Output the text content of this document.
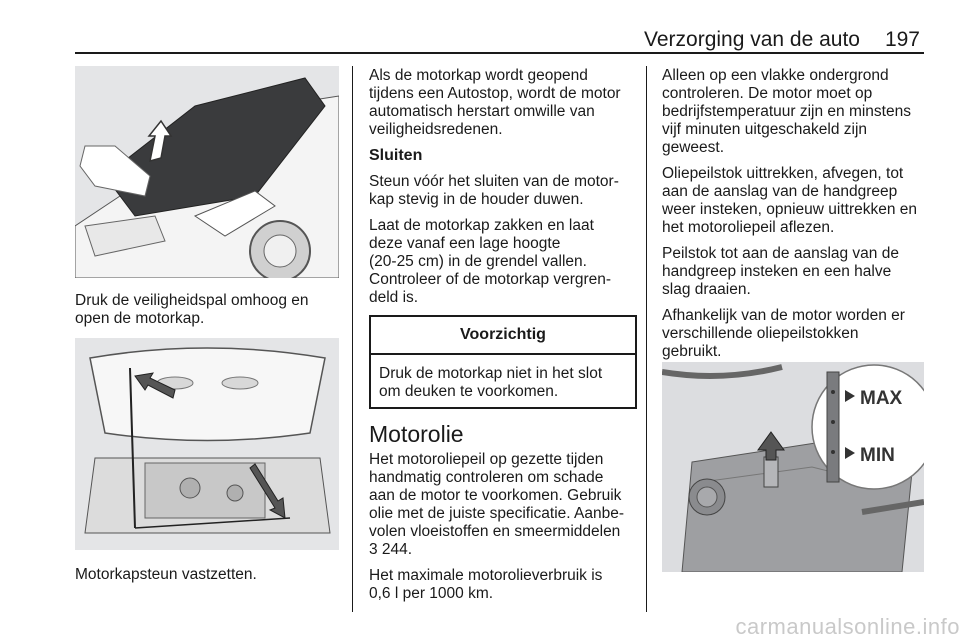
Verzorging van de auto	197

Druk de veiligheidspal omhoog en
open de motorkap.

Motorkapsteun vastzetten.

Als de motorkap wordt geopend
tijdens een Autostop, wordt de motor
automatisch herstart omwille van
veiligheidsredenen.

Sluiten

Steun vóór het sluiten van de motor-
kap stevig in de houder duwen.

Laat de motorkap zakken en laat
deze vanaf een lage hoogte
(20-25 cm) in de grendel vallen.
Controleer of de motorkap vergren-
deld is.

Voorzichtig
Druk de motorkap niet in het slot
om deuken te voorkomen.
Motorolie

Het motoroliepeil op gezette tijden
handmatig controleren om schade
aan de motor te voorkomen. Gebruik
olie met de juiste specificatie. Aanbe-
volen vloeistoffen en smeermiddelen
3 244.

Het maximale motorolieverbruik is
0,6 l per 1000 km.

Alleen op een vlakke ondergrond
controleren. De motor moet op
bedrijfstemperatuur zijn en minstens
vijf minuten uitgeschakeld zijn
geweest.

Oliepeilstok uittrekken, afvegen, tot
aan de aanslag van de handgreep
weer insteken, opnieuw uittrekken en
het motoroliepeil aflezen.

Peilstok tot aan de aanslag van de
handgreep insteken en een halve
slag draaien.

Afhankelijk van de motor worden er
verschillende oliepeilstokken
gebruikt.

MAX
MIN
carmanualsonline.info
